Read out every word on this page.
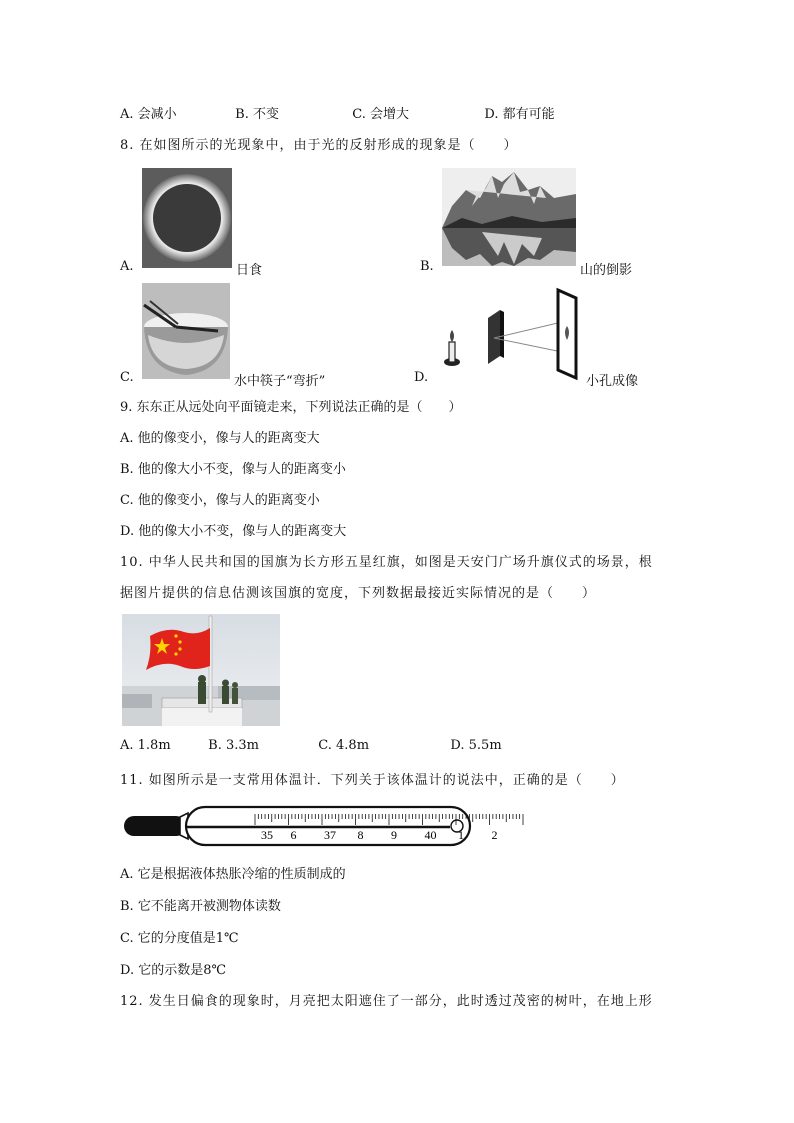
A. 会减小	B. 不变	C. 会增大	D. 都有可能
8. 在如图所示的光现象中，由于光的反射形成的现象是（　　）
A.	日食	B.	山的倒影
C.	水中筷子“弯折”	D.	小孔成像
9. 东东正从远处向平面镜走来，下列说法正确的是（　　）
A. 他的像变小，像与人的距离变大
B. 他的像大小不变，像与人的距离变小
C. 他的像变小，像与人的距离变小
D. 他的像大小不变，像与人的距离变大
10. 中华人民共和国的国旗为长方形五星红旗，如图是天安门广场升旗仪式的场景，根
据图片提供的信息估测该国旗的宽度，下列数据最接近实际情况的是（　　）
A. 1.8m	B. 3.3m	C. 4.8m	D. 5.5m
11. 如图所示是一支常用体温计．下列关于该体温计的说法中，正确的是（　　）
35 6 37 8 9 40 1 2
A. 它是根据液体热胀冷缩的性质制成的
B. 它不能离开被测物体读数
C. 它的分度值是1℃
D. 它的示数是8℃
12. 发生日偏食的现象时，月亮把太阳遮住了一部分，此时透过茂密的树叶，在地上形
